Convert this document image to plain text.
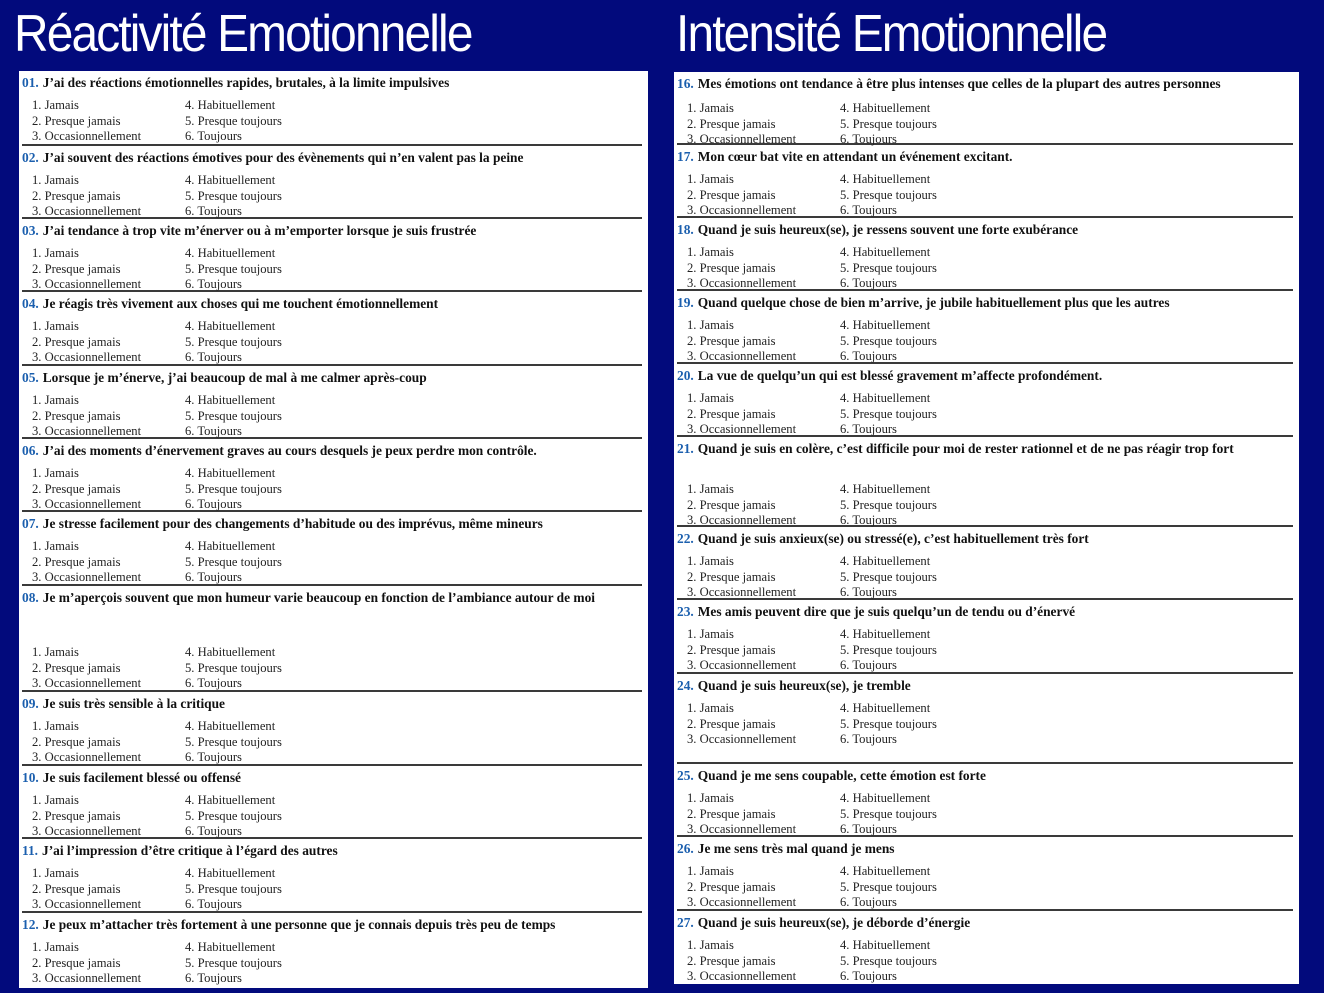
Réactivité Emotionnelle	Intensité Emotionnelle
01. J’ai des réactions émotionnelles rapides, brutales, à la limite impulsives
1. Jamais
2. Presque jamais
3. Occasionnellement
4. Habituellement
5. Presque toujours
6. Toujours
02. J’ai souvent des réactions émotives pour des évènements qui n’en valent pas la peine
1. Jamais
2. Presque jamais
3. Occasionnellement
4. Habituellement
5. Presque toujours
6. Toujours
03. J’ai tendance à trop vite m’énerver ou à m’emporter lorsque je suis frustrée
1. Jamais
2. Presque jamais
3. Occasionnellement
4. Habituellement
5. Presque toujours
6. Toujours
04. Je réagis très vivement aux choses qui me touchent émotionnellement
1. Jamais
2. Presque jamais
3. Occasionnellement
4. Habituellement
5. Presque toujours
6. Toujours
05. Lorsque je m’énerve, j’ai beaucoup de mal à me calmer après-coup
1. Jamais
2. Presque jamais
3. Occasionnellement
4. Habituellement
5. Presque toujours
6. Toujours
06. J’ai des moments d’énervement graves au cours desquels je peux perdre mon contrôle.
1. Jamais
2. Presque jamais
3. Occasionnellement
4. Habituellement
5. Presque toujours
6. Toujours
07. Je stresse facilement pour des changements d’habitude ou des imprévus, même mineurs
1. Jamais
2. Presque jamais
3. Occasionnellement
4. Habituellement
5. Presque toujours
6. Toujours
08. Je m’aperçois souvent que mon humeur varie beaucoup en fonction de l’ambiance autour de moi
1. Jamais
2. Presque jamais
3. Occasionnellement
4. Habituellement
5. Presque toujours
6. Toujours
09. Je suis très sensible à la critique
1. Jamais
2. Presque jamais
3. Occasionnellement
4. Habituellement
5. Presque toujours
6. Toujours
10. Je suis facilement blessé ou offensé
1. Jamais
2. Presque jamais
3. Occasionnellement
4. Habituellement
5. Presque toujours
6. Toujours
11. J’ai l’impression d’être critique à l’égard des autres
1. Jamais
2. Presque jamais
3. Occasionnellement
4. Habituellement
5. Presque toujours
6. Toujours
12. Je peux m’attacher très fortement à une personne que je connais depuis très peu de temps
1. Jamais
2. Presque jamais
3. Occasionnellement
4. Habituellement
5. Presque toujours
6. Toujours
16. Mes émotions ont tendance à être plus intenses que celles de la plupart des autres personnes
1. Jamais
2. Presque jamais
3. Occasionnellement
4. Habituellement
5. Presque toujours
6. Toujours
17. Mon cœur bat vite en attendant un événement excitant.
1. Jamais
2. Presque jamais
3. Occasionnellement
4. Habituellement
5. Presque toujours
6. Toujours
18. Quand je suis heureux(se), je ressens souvent une forte exubérance
1. Jamais
2. Presque jamais
3. Occasionnellement
4. Habituellement
5. Presque toujours
6. Toujours
19. Quand quelque chose de bien m’arrive, je jubile habituellement plus que les autres
1. Jamais
2. Presque jamais
3. Occasionnellement
4. Habituellement
5. Presque toujours
6. Toujours
20. La vue de quelqu’un qui est blessé gravement m’affecte profondément.
1. Jamais
2. Presque jamais
3. Occasionnellement
4. Habituellement
5. Presque toujours
6. Toujours
21. Quand je suis en colère, c’est difficile pour moi de rester rationnel et de ne pas réagir trop fort
1. Jamais
2. Presque jamais
3. Occasionnellement
4. Habituellement
5. Presque toujours
6. Toujours
22. Quand je suis anxieux(se) ou stressé(e), c’est habituellement très fort
1. Jamais
2. Presque jamais
3. Occasionnellement
4. Habituellement
5. Presque toujours
6. Toujours
23. Mes amis peuvent dire que je suis quelqu’un de tendu ou d’énervé
1. Jamais
2. Presque jamais
3. Occasionnellement
4. Habituellement
5. Presque toujours
6. Toujours
24. Quand je suis heureux(se), je tremble
1. Jamais
2. Presque jamais
3. Occasionnellement
4. Habituellement
5. Presque toujours
6. Toujours
25. Quand je me sens coupable, cette émotion est forte
1. Jamais
2. Presque jamais
3. Occasionnellement
4. Habituellement
5. Presque toujours
6. Toujours
26. Je me sens très mal quand je mens
1. Jamais
2. Presque jamais
3. Occasionnellement
4. Habituellement
5. Presque toujours
6. Toujours
27. Quand je suis heureux(se), je déborde d’énergie
1. Jamais
2. Presque jamais
3. Occasionnellement
4. Habituellement
5. Presque toujours
6. Toujours
